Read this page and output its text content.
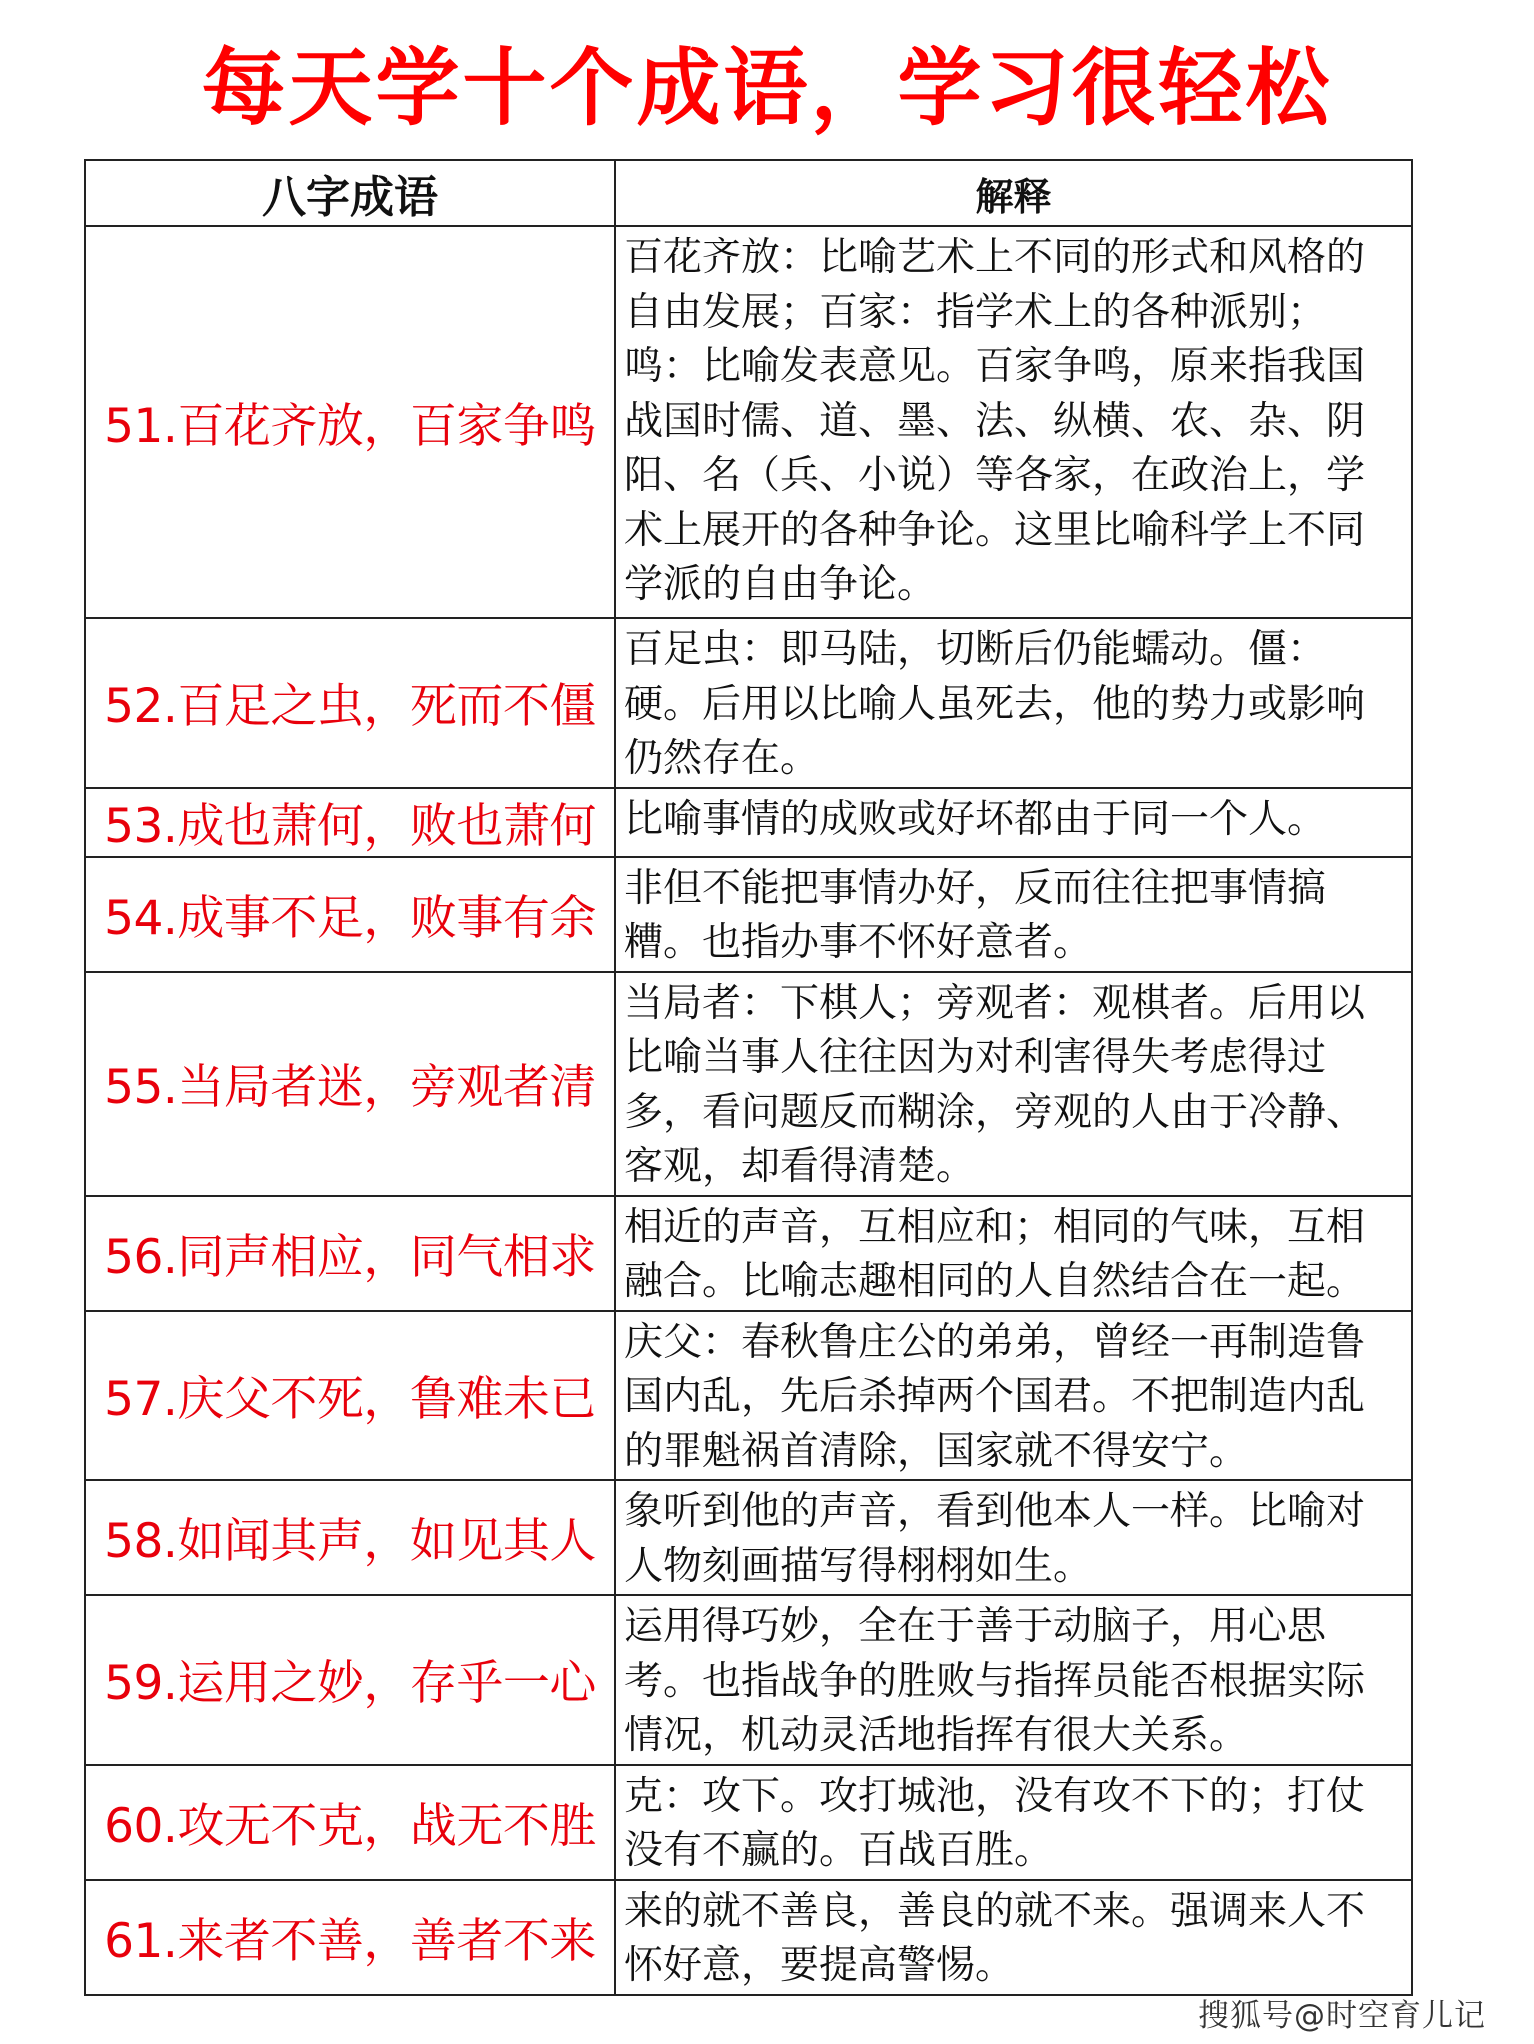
每天学十个成语，学习很轻松
八字成语	解释
51.百花齐放，百家争鸣	百花齐放：比喻艺术上不同的形式和风格的自由发展；百家：指学术上的各种派别；鸣：比喻发表意见。百家争鸣，原来指我国战国时儒、道、墨、法、纵横、农、杂、阴阳、名（兵、小说）等各家，在政治上，学术上展开的各种争论。这里比喻科学上不同学派的自由争论。
52.百足之虫，死而不僵	百足虫：即马陆，切断后仍能蠕动。僵：硬。后用以比喻人虽死去，他的势力或影响仍然存在。
53.成也萧何，败也萧何	比喻事情的成败或好坏都由于同一个人。
54.成事不足，败事有余	非但不能把事情办好，反而往往把事情搞糟。也指办事不怀好意者。
55.当局者迷，旁观者清	当局者：下棋人；旁观者：观棋者。后用以比喻当事人往往因为对利害得失考虑得过多，看问题反而糊涂，旁观的人由于冷静、客观，却看得清楚。
56.同声相应，同气相求	相近的声音，互相应和；相同的气味，互相融合。比喻志趣相同的人自然结合在一起。
57.庆父不死，鲁难未已	庆父：春秋鲁庄公的弟弟，曾经一再制造鲁国内乱，先后杀掉两个国君。不把制造内乱的罪魁祸首清除，国家就不得安宁。
58.如闻其声，如见其人	象听到他的声音，看到他本人一样。比喻对人物刻画描写得栩栩如生。
59.运用之妙，存乎一心	运用得巧妙，全在于善于动脑子，用心思考。也指战争的胜败与指挥员能否根据实际情况，机动灵活地指挥有很大关系。
60.攻无不克，战无不胜	克：攻下。攻打城池，没有攻不下的；打仗没有不赢的。百战百胜。
61.来者不善，善者不来	来的就不善良，善良的就不来。强调来人不怀好意，要提高警惕。
搜狐号@时空育儿记
